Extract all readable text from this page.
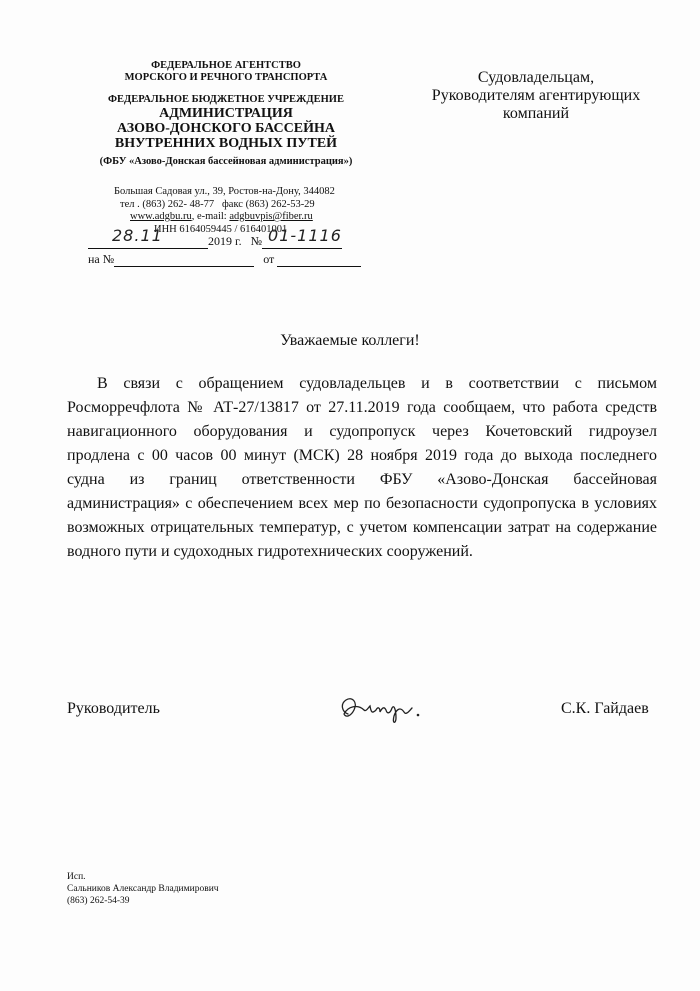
ФЕДЕРАЛЬНОЕ АГЕНТСТВО
МОРСКОГО И РЕЧНОГО ТРАНСПОРТА
ФЕДЕРАЛЬНОЕ БЮДЖЕТНОЕ УЧРЕЖДЕНИЕ
АДМИНИСТРАЦИЯ
АЗОВО-ДОНСКОГО БАССЕЙНА
ВНУТРЕННИХ ВОДНЫХ ПУТЕЙ
(ФБУ «Азово-Донская бассейновая администрация»)
Большая Садовая ул., 39, Ростов-на-Дону, 344082
тел . (863) 262- 48-77 факс (863) 262-53-29
www.adgbu.ru, e-mail: adgbuvpis@fiber.ru
ИНН 6164059445 / 616401001
28.11	2019 г. № 01-1116
на №	от
Судовладельцам,
Руководителям агентирующих
компаний
Уважаемые коллеги!
В связи с обращением судовладельцев и в соответствии с письмом
Росморречфлота № АТ-27/13817 от 27.11.2019 года сообщаем, что работа средств
навигационного оборудования и судопропуск через Кочетовский гидроузел
продлена с 00 часов 00 минут (МСК) 28 ноября 2019 года до выхода последнего
судна из границ ответственности ФБУ «Азово-Донская бассейновая
администрация» с обеспечением всех мер по безопасности судопропуска в условиях
возможных отрицательных температур, с учетом компенсации затрат на содержание
водного пути и судоходных гидротехнических сооружений.
Руководитель	С.К. Гайдаев
Исп.
Сальников Александр Владимирович
(863) 262-54-39
